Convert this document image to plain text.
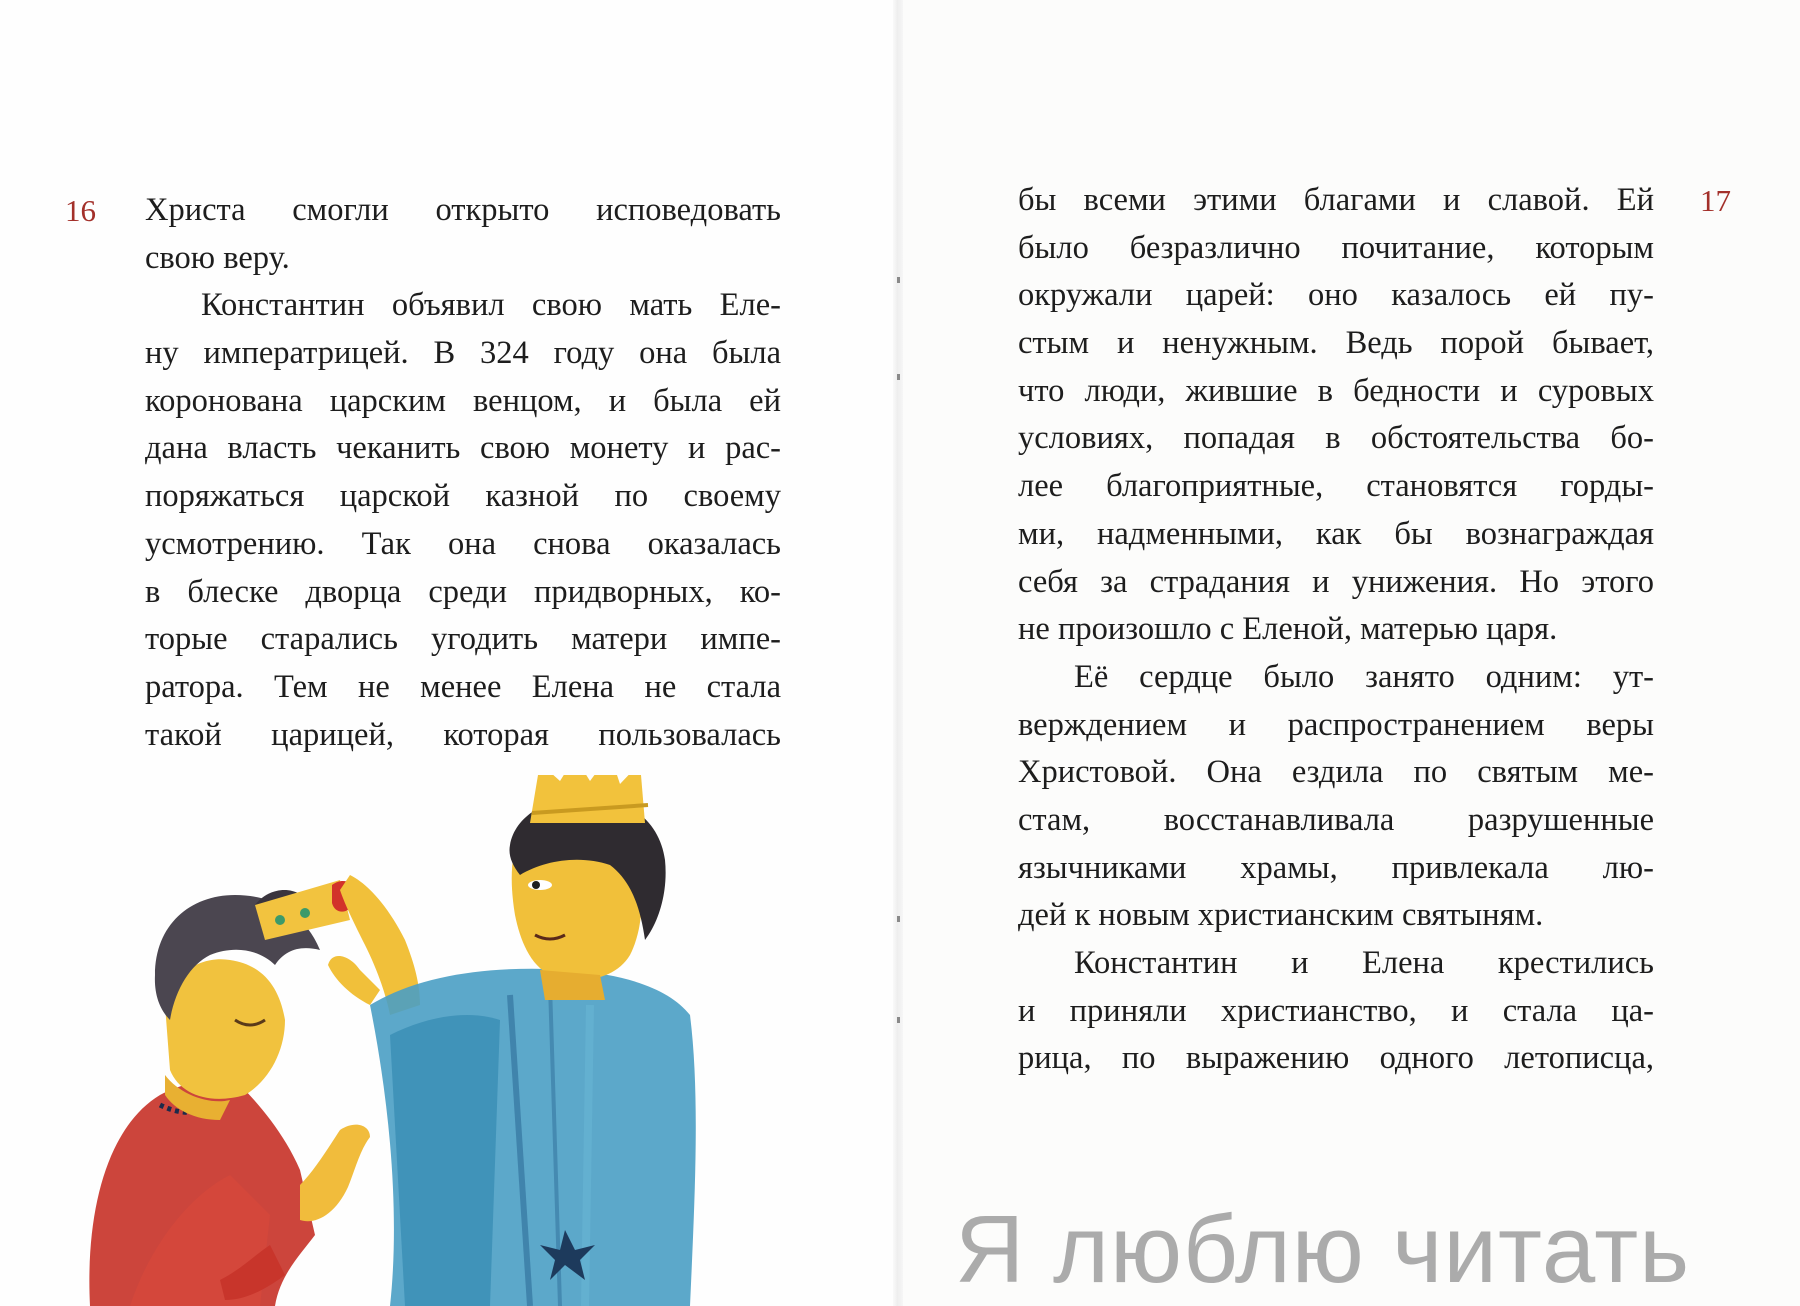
16 Христа смогли открыто исповедовать
свою веру.
Константин объявил свою мать Еле-
ну императрицей. В 324 году она была
коронована царским венцом, и была ей
дана власть чеканить свою монету и рас-
поряжаться царской казной по своему
усмотрению. Так она снова оказалась
в блеске дворца среди придворных, ко-
торые старались угодить матери импе-
ратора. Тем не менее Елена не стала
такой царицей, которая пользовалась
17
бы всеми этими благами и славой. Ей
было безразлично почитание, которым
окружали царей: оно казалось ей пу-
стым и ненужным. Ведь порой бывает,
что люди, жившие в бедности и суровых
условиях, попадая в обстоятельства бо-
лее благоприятные, становятся горды-
ми, надменными, как бы вознаграждая
себя за страдания и унижения. Но этого
не произошло с Еленой, матерью царя.
Её сердце было занято одним: ут-
верждением и распространением веры
Христовой. Она ездила по святым ме-
стам, восстанавливала разрушенные
язычниками храмы, привлекала лю-
дей к новым христианским святыням.
Константин и Елена крестились
и приняли христианство, и стала ца-
рица, по выражению одного летописца,
Я люблю читать
